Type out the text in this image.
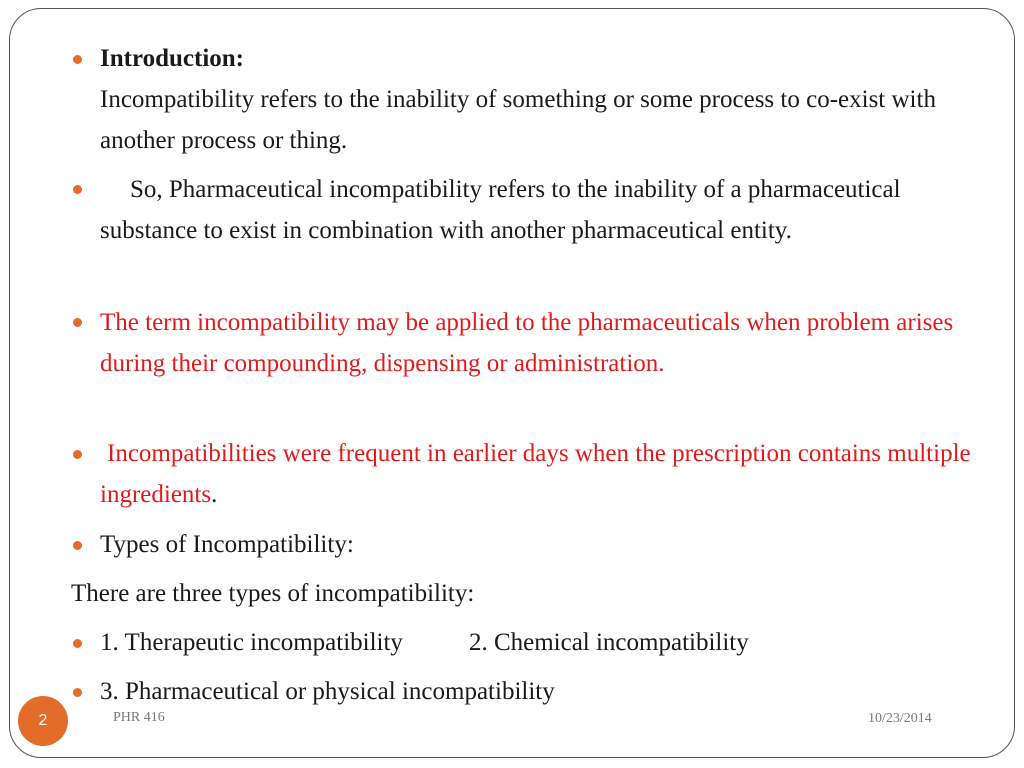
Introduction:
Incompatibility refers to the inability of something or some process to co-exist with another process or thing.
So, Pharmaceutical incompatibility refers to the inability of a pharmaceutical substance to exist in combination with another pharmaceutical entity.
The term incompatibility may be applied to the pharmaceuticals when problem arises during their compounding, dispensing or administration.
Incompatibilities were frequent in earlier days when the prescription contains multiple ingredients.
Types of Incompatibility:
There are three types of incompatibility:
1. Therapeutic incompatibility	2. Chemical incompatibility
3. Pharmaceutical or physical incompatibility
2	PHR 416	10/23/2014
